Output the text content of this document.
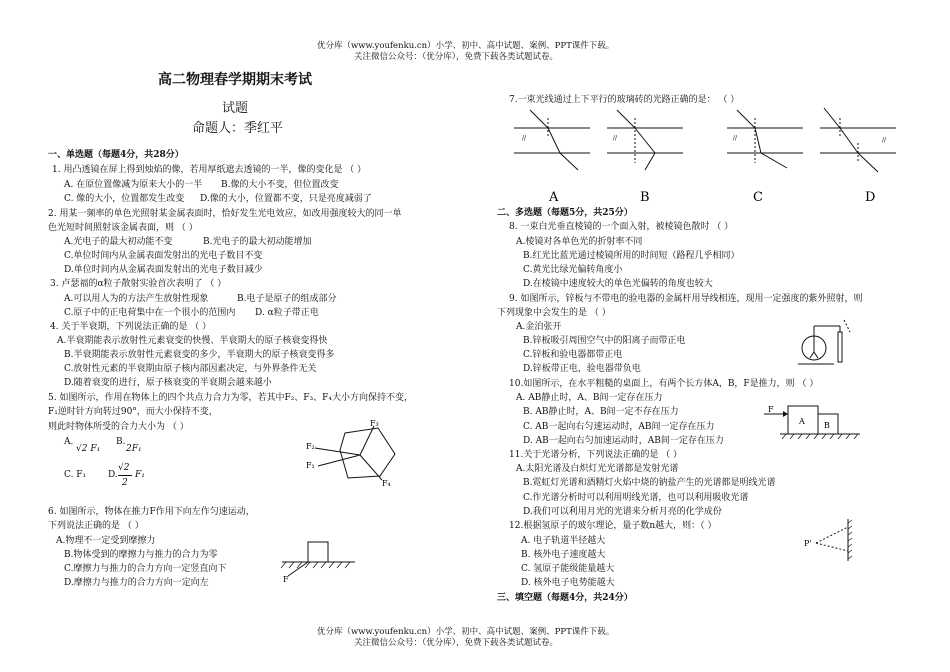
优分库（www.youfenku.cn）小学、初中、高中试题、案例、PPT课件下载。
关注微信公众号：（优分库），免费下载各类试题试卷。
高二物理春学期期末考试
试题
命题人：季红平
一、单选题（每题4分，共28分）
1. 用凸透镜在屏上得到烛焰的像，若用厚纸遮去透镜的一半，像的变化是 （ ）
A. 在原位置像减为原来大小的一半 B.像的大小不变，但位置改变
C. 像的大小，位置都发生改变 D.像的大小，位置都不变，只是亮度减弱了
2. 用某一频率的单色光照射某金属表面时，恰好发生光电效应，如改用强度较大的同一单
色光短时间照射该金属表面，则 （ ）
A.光电子的最大初动能不变	B.光电子的最大初动能增加
C.单位时间内从金属表面发射出的光电子数目不变
D.单位时间内从金属表面发射出的光电子数目减少
3. 卢瑟福的α粒子散射实验首次表明了 （ ）
A.可以用人为的方法产生放射性现象	B.电子是原子的组成部分
C.原子中的正电荷集中在一个很小的范围内 D. α粒子带正电
4. 关于半衰期，下列说法正确的是 （ ）
A.半衰期能表示放射性元素衰变的快慢、半衰期大的原子核衰变得快
B.半衰期能表示放射性元素衰变的多少，半衰期大的原子核衰变得多
C.放射性元素的半衰期由原子核内部因素决定，与外界条件无关
D.随着衰变的进行，原子核衰变的半衰期会越来越小
5. 如图所示，作用在物体上的四个共点力合力为零，若其中F₂、F₃、F₄大小方向保持不变，
F₁逆时针方向转过90°，而大小保持不变，
则此时物体所受的合力大小为 （ ）
A.
√2 F₁
B.
2F₁
C. F₁ D.
√2
2
F₁
F₃
F₂
F₁
F₄
6. 如图所示，物体在推力F作用下向左作匀速运动，
下列说法正确的是 （ ）
A.物理不一定受到摩擦力
B.物体受到的摩擦力与推力的合力为零
C.摩擦力与推力的合力方向一定竖直向下
D.摩擦力与推力的合力方向一定向左	F
7.一束光线通过上下平行的玻璃砖的光路正确的是： （ ）
//
A
//
B
//
C
//
D
二、多选题（每题5分，共25分）
8. 一束白光垂直棱镜的一个面入射，被棱镜色散时 （ ）
A.棱镜对各单色光的折射率不同
B.红光比蓝光通过棱镜所用的时间短（路程几乎相同）
C.黄光比绿光偏转角度小
D.在棱镜中速度较大的单色光偏转的角度也较大
9. 如图所示，锌板与不带电的验电器的金属杆用导线相连，现用一定强度的紫外照射，则
下列现象中会发生的是 （ ）
A.金泊张开
B.锌板吸引周围空气中的阳离子而带正电
C.锌板和验电器都带正电
D.锌板带正电，验电器带负电
10.如图所示，在水平粗糙的桌面上，有两个长方体A，B，F是推力，则 （ ）
A. AB静止时，A、B间一定存在压力
B. AB静止时，A、B间一定不存在压力
C. AB一起向右匀速运动时，AB间一定存在压力
D. AB一起向右匀加速运动时，AB间一定存在压力
F
A B
11.关于光谱分析，下列说法正确的是 （ ）
A.太阳光谱及白炽灯光光谱都是发射光谱
B.霓虹灯光谱和酒精灯火焰中烧的钠盐产生的光谱都是明线光谱
C.作光谱分析时可以利用明线光谱，也可以利用吸收光谱
D.我们可以利用月光的光谱来分析月亮的化学成份
12.根据氢原子的玻尔理论，量子数n越大，则：（ ）
A. 电子轨道半径越大
B. 核外电子速度越大
C. 氢原子能级能量越大
D. 核外电子电势能越大
P'
三、填空题（每题4分，共24分）
优分库（www.youfenku.cn）小学、初中、高中试题、案例、PPT课件下载。
关注微信公众号：（优分库），免费下载各类试题试卷。
